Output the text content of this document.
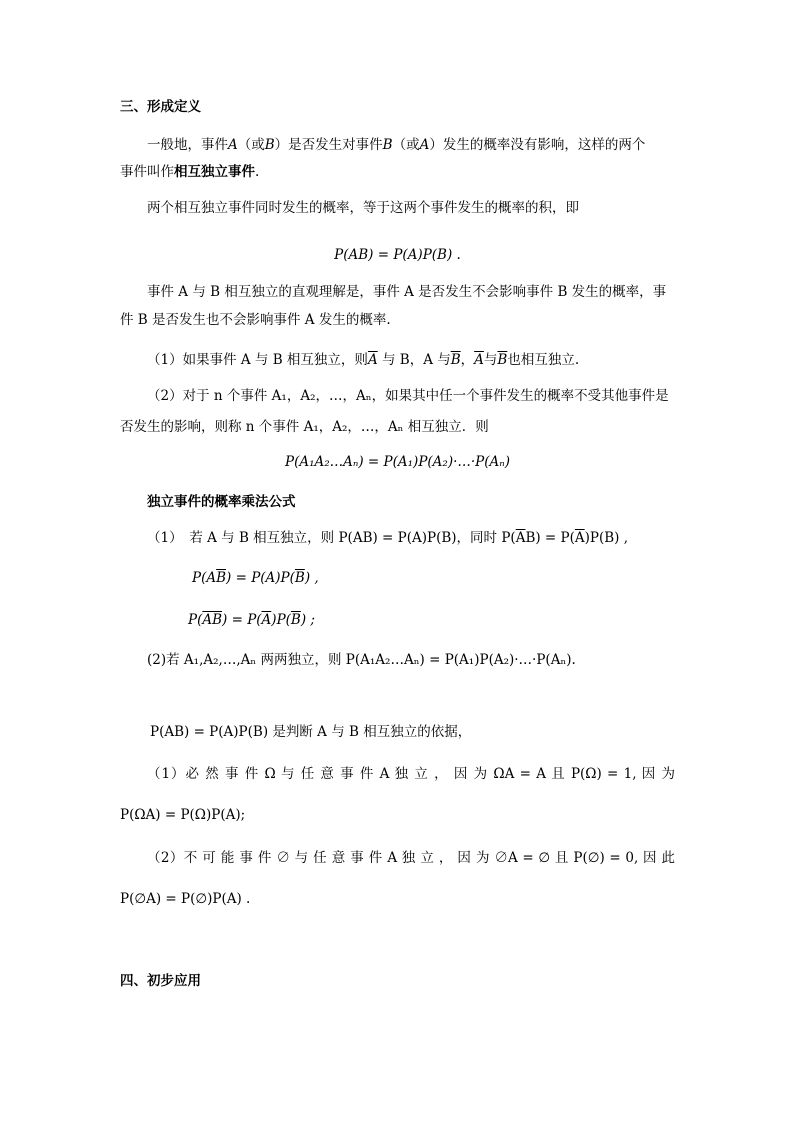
三、形成定义
一般地，事件A（或B）是否发生对事件B（或A）发生的概率没有影响，这样的两个
事件叫作相互独立事件.
两个相互独立事件同时发生的概率，等于这两个事件发生的概率的积，即
P(AB) = P(A)P(B) .
事件 A 与 B 相互独立的直观理解是，事件 A 是否发生不会影响事件 B 发生的概率，事
件 B 是否发生也不会影响事件 A 发生的概率.
（1）如果事件 A 与 B 相互独立，则$\overline{A}$ 与 B，A 与$\overline{B}$，$\overline{A}$与$\overline{B}$也相互独立.
（2）对于 n 个事件 A₁，A₂，…，Aₙ，如果其中任一个事件发生的概率不受其他事件是
否发生的影响，则称 n 个事件 A₁，A₂，…，Aₙ 相互独立．则
P(A₁A₂…Aₙ) = P(A₁)P(A₂)·…·P(Aₙ)
独立事件的概率乘法公式
（1）　若 A 与 B 相互独立，则 P(AB) = P(A)P(B)，同时 $P(\overline{A}B) = P(\overline{A})P(B)$ ,
$P(A\overline{B}) = P(A)P(\overline{B})$ ,
$P(\overline{AB}) = P(\overline{A})P(\overline{B})$ ;
(2)若 A₁,A₂,…,Aₙ 两两独立，则 P(A₁A₂…Aₙ) = P(A₁)P(A₂)·…·P(Aₙ).
P(AB) = P(A)P(B) 是判断 A 与 B 相互独立的依据，
（1）必 然 事 件 Ω 与 任 意 事 件 A 独 立 ， 因 为 ΩA = A 且 P(Ω) = 1, 因 为
P(ΩA) = P(Ω)P(A);
（2）不 可 能 事 件 ∅ 与 任 意 事 件 A 独 立 ， 因 为 ∅A = ∅ 且 P(∅) = 0, 因 此
P(∅A) = P(∅)P(A) .
四、初步应用
